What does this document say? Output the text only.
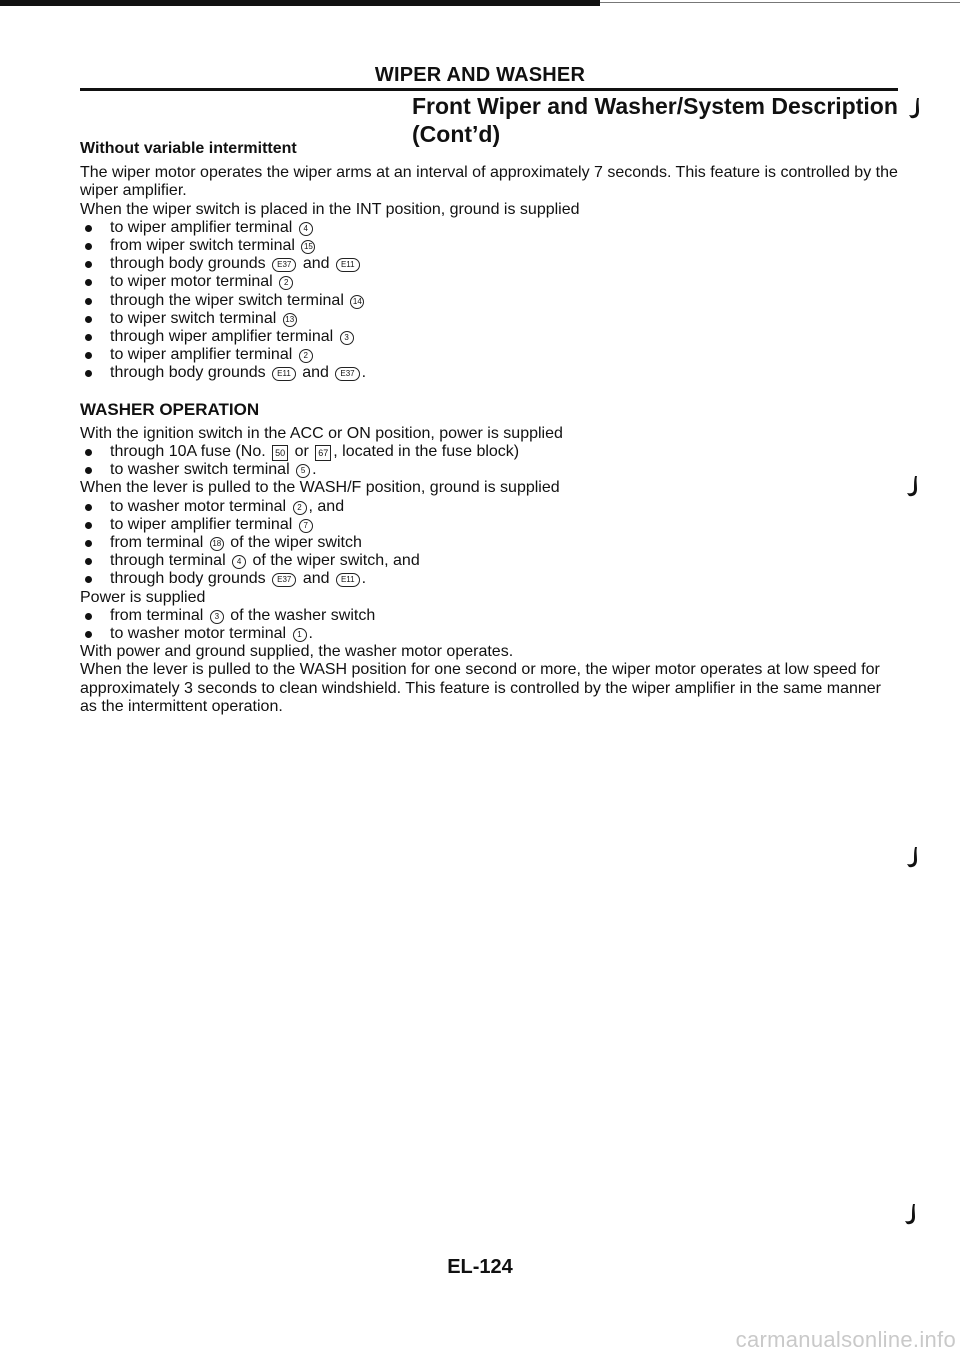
WIPER AND WASHER
Front Wiper and Washer/System Description
(Cont’d)
Without variable intermittent

The wiper motor operates the wiper arms at an interval of approximately 7 seconds. This feature is controlled by the wiper amplifier.

When the wiper switch is placed in the INT position, ground is supplied

to wiper amplifier terminal 4
from wiper switch terminal 15
through body grounds E37 and E11
to wiper motor terminal 2
through the wiper switch terminal 14
to wiper switch terminal 13
through wiper amplifier terminal 3
to wiper amplifier terminal 2
through body grounds E11 and E37 .
WASHER OPERATION

With the ignition switch in the ACC or ON position, power is supplied

through 10A fuse (No. 50 or 67 , located in the fuse block)
to washer switch terminal 5 .

When the lever is pulled to the WASH/F position, ground is supplied

to washer motor terminal 2 , and
to wiper amplifier terminal 7
from terminal 18 of the wiper switch
through terminal 4 of the wiper switch, and
through body grounds E37 and E11 .

Power is supplied

from terminal 3 of the washer switch
to washer motor terminal 1 .

With power and ground supplied, the washer motor operates.

When the lever is pulled to the WASH position for one second or more, the wiper motor operates at low speed for approximately 3 seconds to clean windshield. This feature is controlled by the wiper amplifier in the same manner as the intermittent operation.

EL-124
carmanualsonline.info
